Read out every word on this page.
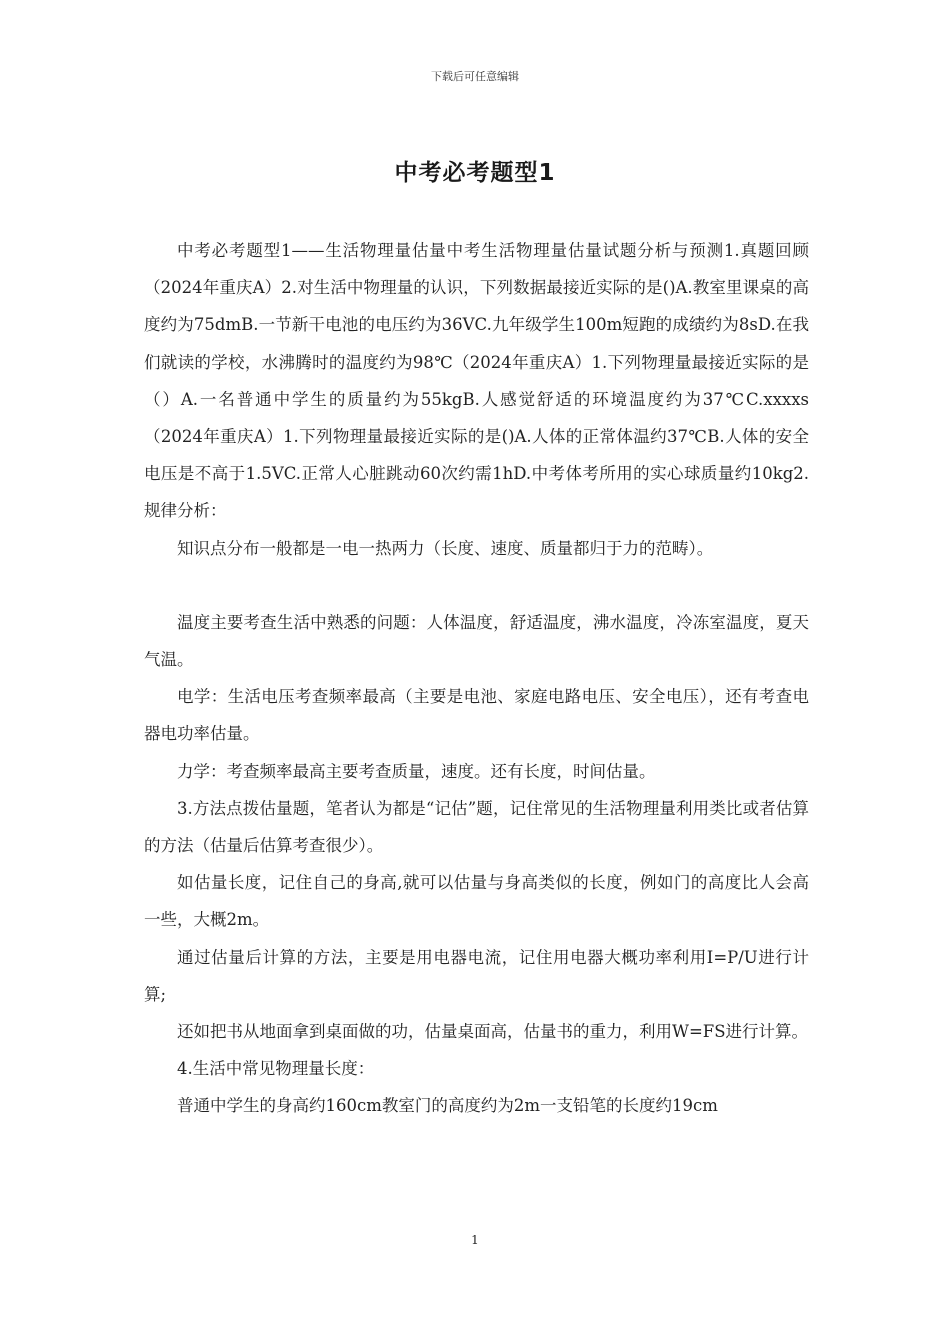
下载后可任意编辑
中考必考题型1

中考必考题型1——生活物理量估量中考生活物理量估量试题分析与预测1.真题回顾（2024年重庆A）2.对生活中物理量的认识，下列数据最接近实际的是()A.教室里课桌的高度约为75dmB.一节新干电池的电压约为36VC.九年级学生100m短跑的成绩约为8sD.在我们就读的学校，水沸腾时的温度约为98℃（2024年重庆A）1.下列物理量最接近实际的是（）A.一名普通中学生的质量约为55kgB.人感觉舒适的环境温度约为37℃C.xxxxs（2024年重庆A）1.下列物理量最接近实际的是()A.人体的正常体温约37℃B.人体的安全电压是不高于1.5VC.正常人心脏跳动60次约需1hD.中考体考所用的实心球质量约10kg2.规律分析：

知识点分布一般都是一电一热两力（长度、速度、质量都归于力的范畴）。

温度主要考查生活中熟悉的问题：人体温度，舒适温度，沸水温度，冷冻室温度，夏天气温。

电学：生活电压考查频率最高（主要是电池、家庭电路电压、安全电压），还有考查电器电功率估量。

力学：考查频率最高主要考查质量，速度。还有长度，时间估量。

3.方法点拨估量题，笔者认为都是“记估”题，记住常见的生活物理量利用类比或者估算的方法（估量后估算考查很少）。

如估量长度，记住自己的身高,就可以估量与身高类似的长度，例如门的高度比人会高一些，大概2m。

通过估量后计算的方法，主要是用电器电流，记住用电器大概功率利用I=P/U进行计算;

还如把书从地面拿到桌面做的功，估量桌面高，估量书的重力，利用W=FS进行计算。

4.生活中常见物理量长度：

普通中学生的身高约160cm教室门的高度约为2m一支铅笔的长度约19cm

1
